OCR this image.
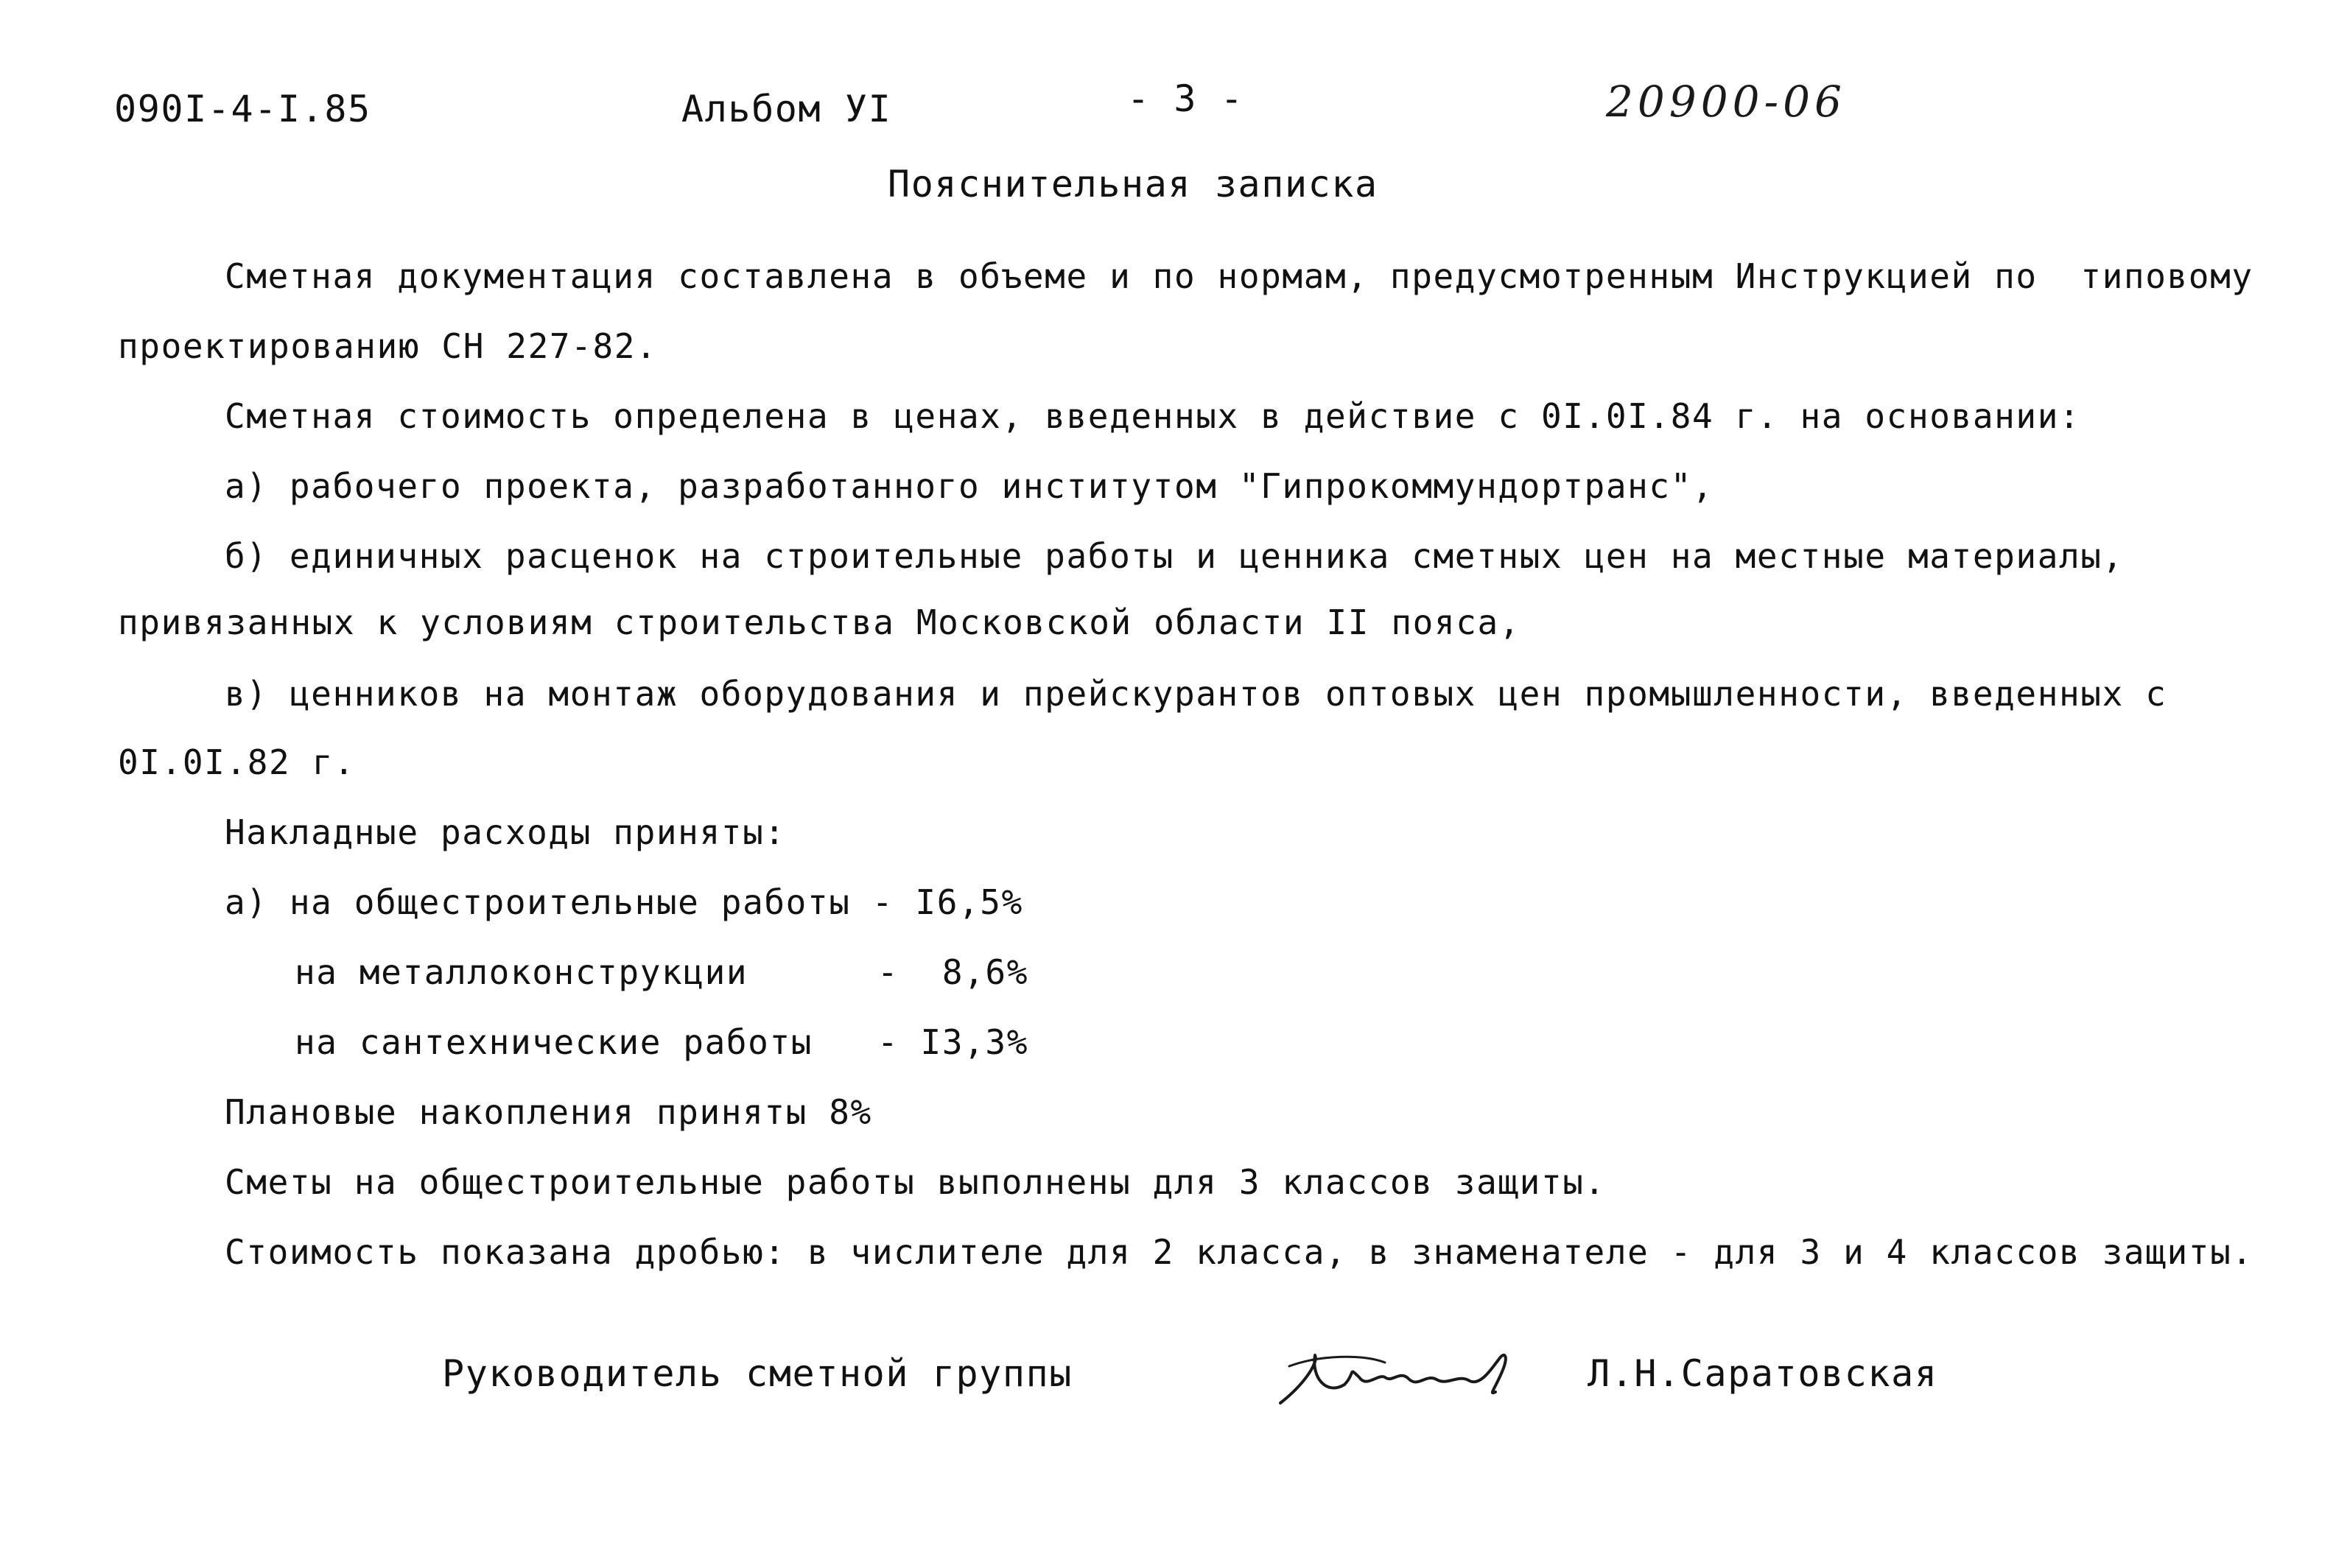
090I-4-I.85	Альбом УI	- 3 -	20900-06
Пояснительная записка
Сметная документация составлена в объеме и по нормам, предусмотренным Инструкцией по  типовому
проектированию СН 227-82.
Сметная стоимость определена в ценах, введенных в действие с 0I.0I.84 г. на основании:
а) рабочего проекта, разработанного институтом "Гипрокоммундортранс",
б) единичных расценок на строительные работы и ценника сметных цен на местные материалы,
привязанных к условиям строительства Московской области II пояса,
в) ценников на монтаж оборудования и прейскурантов оптовых цен промышленности, введенных с
0I.0I.82 г.
Накладные расходы приняты:
а) на общестроительные работы - I6,5%
на металлоконструкции      -  8,6%
на сантехнические работы   - I3,3%
Плановые накопления приняты 8%
Сметы на общестроительные работы выполнены для 3 классов защиты.
Стоимость показана дробью: в числителе для 2 класса, в знаменателе - для 3 и 4 классов защиты.
Руководитель сметной группы	Л.Н.Саратовская
